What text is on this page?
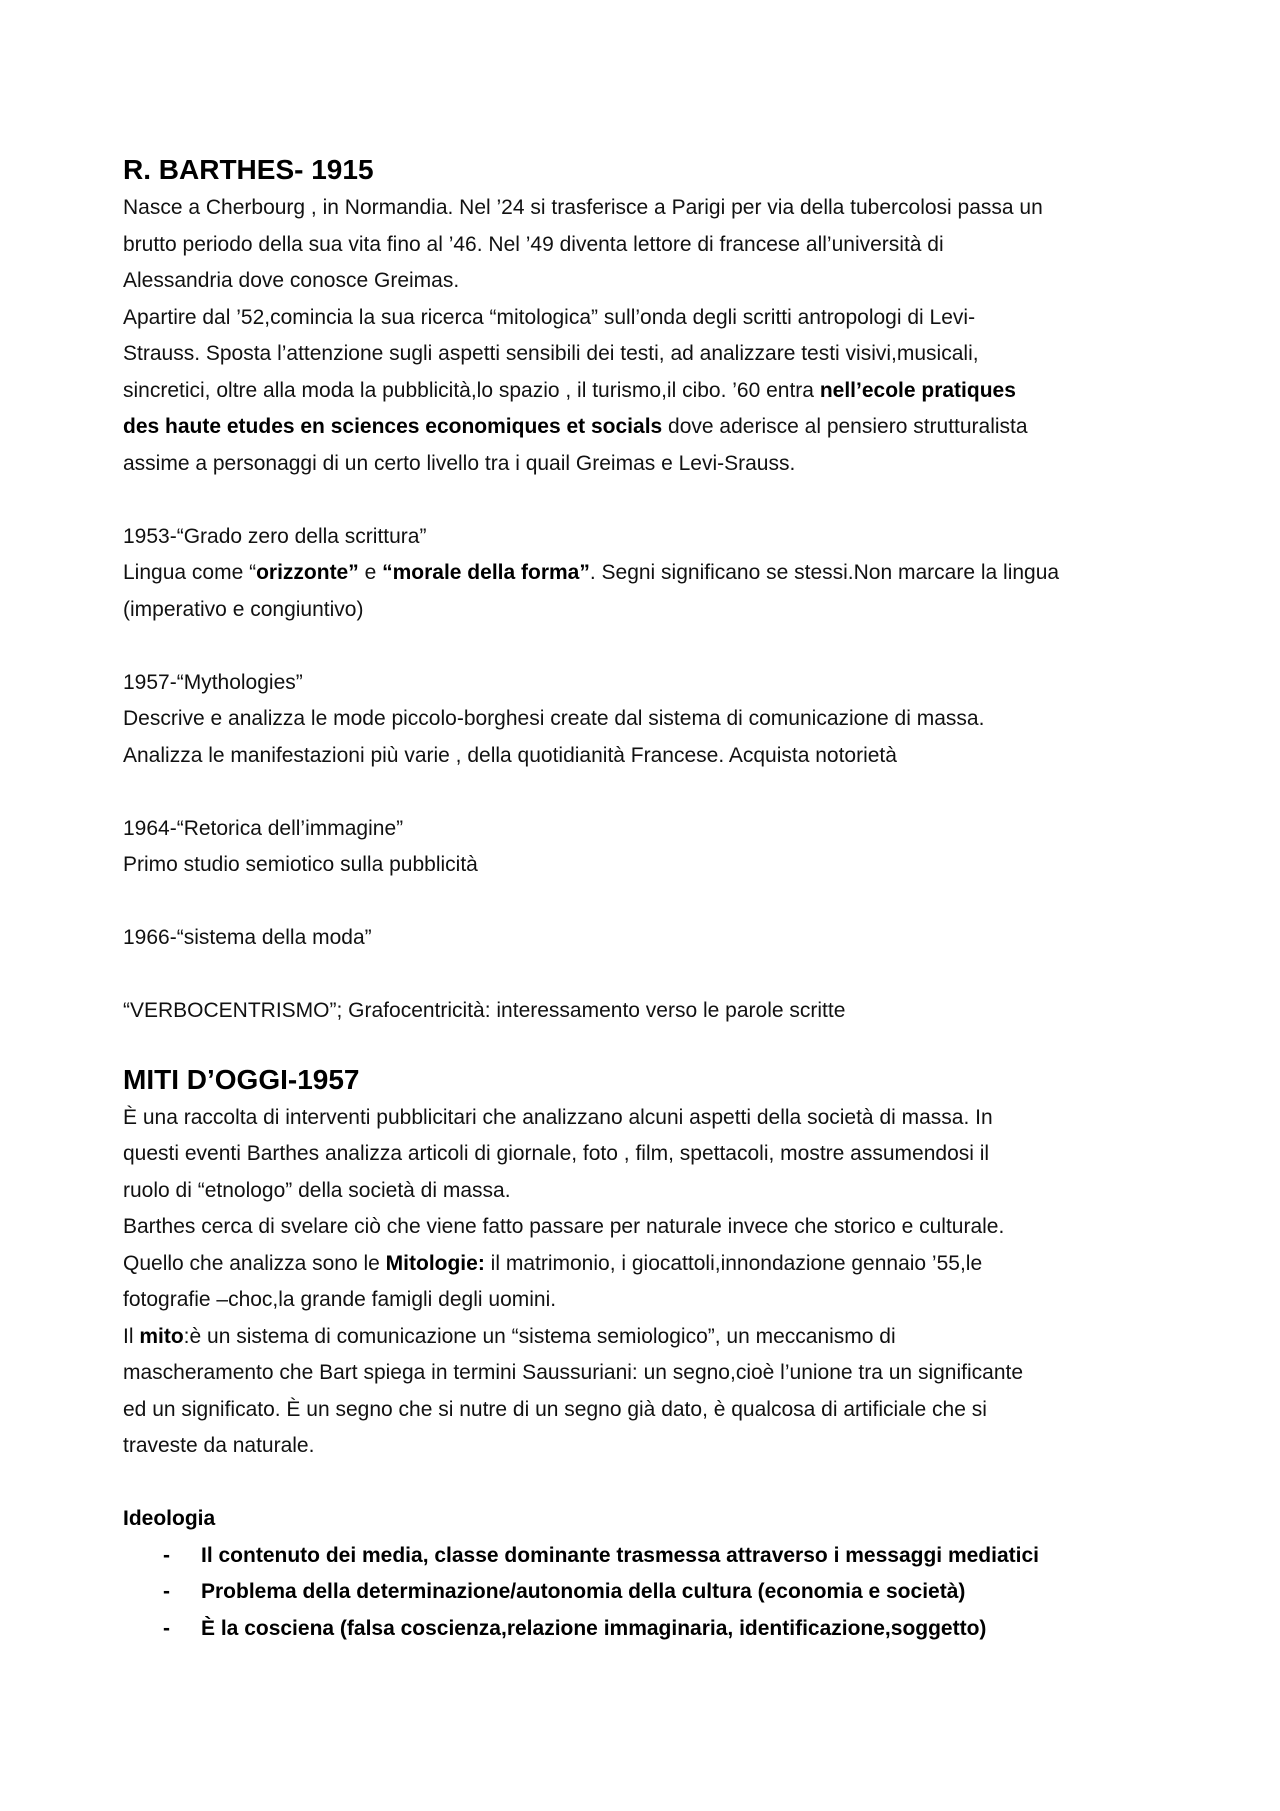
R. BARTHES- 1915

Nasce a Cherbourg , in Normandia. Nel ’24 si trasferisce a Parigi per via della tubercolosi passa un

brutto periodo della sua vita fino al ’46. Nel ’49 diventa lettore di francese all’università di

Alessandria dove conosce Greimas.

Apartire dal ’52,comincia la sua ricerca “mitologica” sull’onda degli scritti antropologi di Levi-

Strauss. Sposta l’attenzione sugli aspetti sensibili dei testi, ad analizzare testi visivi,musicali,

sincretici, oltre alla moda la pubblicità,lo spazio , il turismo,il cibo. ’60 entra nell’ecole pratiques

des haute etudes en sciences economiques et socials dove aderisce al pensiero strutturalista

assime a personaggi di un certo livello tra i quail Greimas e Levi-Srauss.

1953-“Grado zero della scrittura”

Lingua come “orizzonte” e “morale della forma”. Segni significano se stessi.Non marcare la lingua

(imperativo e congiuntivo)

1957-“Mythologies”

Descrive e analizza le mode piccolo-borghesi create dal sistema di comunicazione di massa.

Analizza le manifestazioni più varie , della quotidianità Francese. Acquista notorietà

1964-“Retorica dell’immagine”

Primo studio semiotico sulla pubblicità

1966-“sistema della moda”

“VERBOCENTRISMO”; Grafocentricità: interessamento verso le parole scritte

MITI D’OGGI-1957

È una raccolta di interventi pubblicitari che analizzano alcuni aspetti della società di massa. In

questi eventi Barthes analizza articoli di giornale, foto , film, spettacoli, mostre assumendosi il

ruolo di “etnologo” della società di massa.

Barthes cerca di svelare ciò che viene fatto passare per naturale invece che storico e culturale.

Quello che analizza sono le Mitologie: il matrimonio, i giocattoli,innondazione gennaio ’55,le

fotografie –choc,la grande famigli degli uomini.

Il mito:è un sistema di comunicazione un “sistema semiologico”, un meccanismo di

mascheramento che Bart spiega in termini Saussuriani: un segno,cioè l’unione tra un significante

ed un significato. È un segno che si nutre di un segno già dato, è qualcosa di artificiale che si

traveste da naturale.

Ideologia

- Il contenuto dei media, classe dominante trasmessa attraverso i messaggi mediatici
- Problema della determinazione/autonomia della cultura (economia e società)
- È la cosciena (falsa coscienza,relazione immaginaria, identificazione,soggetto)
